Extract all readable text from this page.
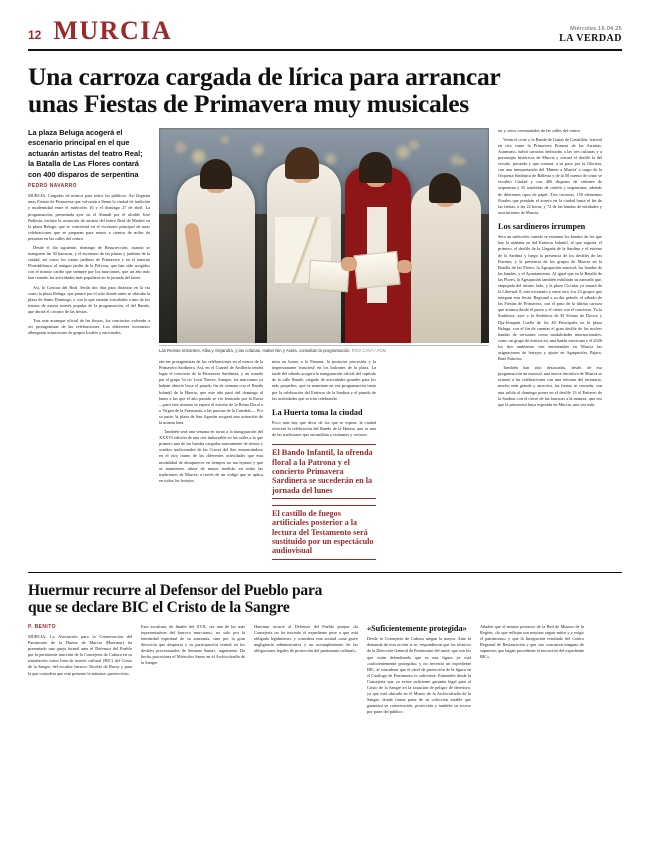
12 MURCIA	Miércoles 16.04.25
LA VERDAD
Una carroza cargada de lírica para arrancar
unas Fiestas de Primavera muy musicales

La plaza Beluga acogerá el escenario principal en el que actuarán artistas del teatro Real; la Batalla de Las Flores contará con 400 disparos de serpentina

PEDRO NAVARRO

MURCIA. Cargadas de música para todos los públicos. Así llegarán unas Fiestas de Primavera que volverán a llenar la ciudad de tradición y modernidad entre el miércoles 16 y el domingo 27 de abril. La programación, presentada ayer en el Almudí por el alcalde José Ballesta, incluye la actuación de artistas del teatro Real de Madrid en la plaza Beluga, que se convertirá en el escenario principal de unas celebraciones que se preparan para reunir a cientos de miles de personas en las calles del centro.

Desde el día siguiente, domingo de Resurrección, cuando se inauguren las 30 barracas, y el escenario de las plazas y jardines de la ciudad, así como los cuatro jardines de Primavera y en el entorno Floridablanca, el antiguo jardín de la Pólvora, que han sido acogidos con el mismo cariño que siempre por los murcianos, que un año más han reunido las actividades más populares en la jornada del lunes.

Así, la Carroza del Real. Serán dos días para disfrutar en la vía como la plaza Beluga, que pasará por el sitio donde antes se ubicaba la plaza de Santo Domingo, y con la que estarán vinculadas a uno de los tramos de mayor interés popular de la programación, el del Bando, que abrirá el circuito de las fiestas.

Tras este arranque oficial de las fiestas, los conciertos volverán a ser protagonistas de las celebraciones. Los diferentes escenarios albergarán actuaciones de grupos locales y nacionales.

Las Reinas entrantes, Alba y Alejandra, y las colanas, Isabel Nin y Asela, consultan la programación. ROS CAVA / AGM

rán ser protagonistas de las celebraciones en el marco de la Primavera Sardinera. Así, en el Cuartel de Artillería tendrá lugar el concierto de la Primavera Sardinera, y un sonado por el grupo 'in cis' Lorri Nieves. Aunque, los murcianos ya habían abierto boca el pasado fin de semana con el Bando Infantil de la Huerta, que este año pasó del domingo al lunes a las que el año pasado se vio frustrado por la lluvia —para este semana se espera el estreno de la Reina Doral a o Virgen de la Fuensanta, a las puertas de la Catedral—. Por su parte, la plaza de San Agustín acogerá una actuación de la misma hora.

También será una semana en torno a la inauguración del XXXVI edición de una cita imborrable en las calles a la que primero una de las bandas cargadas nuevamente de ritmos y sonidos tradicionales de las Cruces del Sur, enmarcándose en el otro tramo de las diferentes actividades que esta modalidad de desaparecer en tiempos no tan lejanos y que se mantienen, ahora de mayor medida, en todas las tradiciones de Murcia, a través de un código que se aplica en todos los festejos.

mira en honor a la Patrona, la posterior procesión y la impresionante 'mascletá' en los balcones de la plaza. La tarde del sábado acogerá la inauguración oficial del capítulo de la calle Bando, cargado de actividades grandes para los más pequeños, que se mantiene en esa programación tanto por la celebración del Entierro de la Sardina y el pasado de las actividades que se irán celebrando.

La Huerta toma la ciudad

Poco más hay que decir de los que se espera: la ciudad ofrecerá la celebración del Bando de la Huerta, que es una de las tradiciones que encandilan a visitantes y vecinos.

El Bando Infantil, la ofrenda floral a la Patrona y el concierto Primavera Sardinera se sucederán en la jornada del lunes
El castillo de fuegos artificiales posterior a la lectura del Testamento será sustituido por un espectáculo audiovisual

tar y, estos ceremoniales de las calles del centro.

Verán el corte y la Banda de Gaitas de Castrillón, festival en cita como la Primavera Primera de las Asturias. Asimismo, habrá carrozas dedicadas a las tres culturas y a personajes históricos de Murcia y cerrará el desfile la del escudo, prestada y que contará, a su paso por la Glorieta, con una interpretación del 'Himno a Murcia' a cargo de la Orquesta Sinfónica de Ballesta y de la 50 cuenta de cómo se escribió Ciudad y con 400 disparos de cañones de serpentina y 35 toneladas de confeti y serpentinas, además de diferentes tipos de papel. Tres carrozas, 150 elementos florales que pondrán el acento en la ciudad hasta el fin de las fiestas, a las 22 horas, y 72 de las bandas de entidades y asociaciones de Murcia.

Los sardineros irrumpen

Sera un miércoles cuando se estrenen los bandos de los que hay la mañana en del Entierro Infantil, al que seguirá, el primero, el desfile de la Llegada de la Sardina y el estreno de la Sardina y luego la presencia de los desfiles de las Fuentes, y la presencia de los grupos de Murcia en la Batalla de las Flores, la Agrupación musical, las bandas de las bandas, y el Ayuntamiento. Al igual que en la Batalla de las Flores, la Agrupación también exhibirán su zarzuela que, empujada del mismo lado, y la plaza Circular ya sonará de la Libertad, 8, este escenario y entre otro, los 23 grupos que integran esta fiesta. Regional a su día grande, el sábado de las Fiestas de Primavera, con el paso de la última carroza que arranca desde el paseo y el cierre con el concierto. Ya la Sinfónica, ayer y la Sinfónica de El Sótano de Doctor y Dja-Jónquán Cuello de los 40 Principales en la plaza Beluga, con el fin de cuentas el gran desfile de las noches bandas de versiones como modalidades internacionales, como un grupo de música en, una banda mexicana y el 2026 los dos ambientes ven entretenidas en Murcia las asignaciones de festejos y ajuste en Agrupación, Pajaro, Ruiz Palacios.

También han sido destacadas, desde, de esa programación un musical, una nueva iniciativa de Murcia se estrenó a las celebraciones con una reforma del escenario, mucho más grande y atractiva, las fiestas se cerrarán, con una salida al domingo poner en el desfile 13 el Entierro de la Sardina con el cierre de las barracas a la manera, una vez que la primavera haya esperada en Murcia, una vez más.

Huermur recurre al Defensor del Pueblo para
que se declare BIC el Cristo de la Sangre

P. BENITO

MURCIA. La Asociación para la Conservación del Patrimonio de la Huerta de Murcia (Huermur) ha presentado una queja formal ante el Defensor del Pueblo por la persistente inacción de la Consejería de Cultura en su tramitación como bien de interés cultural (BIC) del Cristo de la Sangre, del escultor barroco Nicolás de Bussy y para la que considera que está presente la máxima «protección».

Esta escultura, de finales del XVII, «es una de las más representativas del barroco murciano», no solo por la intensidad espiritual de su anatomía, sino por la gran devoción que despierta y su participación central en los desfiles procesionales de Semana Santa», argumenta. De hecho procesiona el Miércoles Santo en el Archicofradía de la Sangre.

Huermur recurre al Defensor del Pueblo porque «la Consejería no ha iniciado el expediente pese a que está obligada legalmente» y considera esta actitud «una grave negligencia administrativa y un incumplimiento de las obligaciones legales de protección del patrimonio cultural».

«Suficientemente protegida»

Desde la Consejería de Cultura niegan la mayor. Ante la demanda de esta acción sí se, respondieron que los técnicos de la Dirección General de Patrimonio del turné, que son los que están defendiendo que es una figura ya está «suficientemente protegida» y no necesita un expediente BIC, al considerar que el nivel de protección de la figura en el Catálogo de Patrimonio es suficiente. Entienden desde la Consejería que ya existe suficiente garantía legal para el Cristo de la Sangre en la situación de peligro de deterioro, ya que está ubicada en el Museo de la Archicofradía de la Sangre, donde forma parte de su colección estable que garantiza su conservación, protección y también su acceso por parte del público.

Añaden que el mismo portavoz de la Red de Museos de la Región, «lo que reflejan son mejoras seguir mitos y y exigir el patrimonio» y que la Integración resultado del Centro Regional de Restauración y que «no concurren ninguno de supuestos que hagan procedente la incoación del expediente BIC».
